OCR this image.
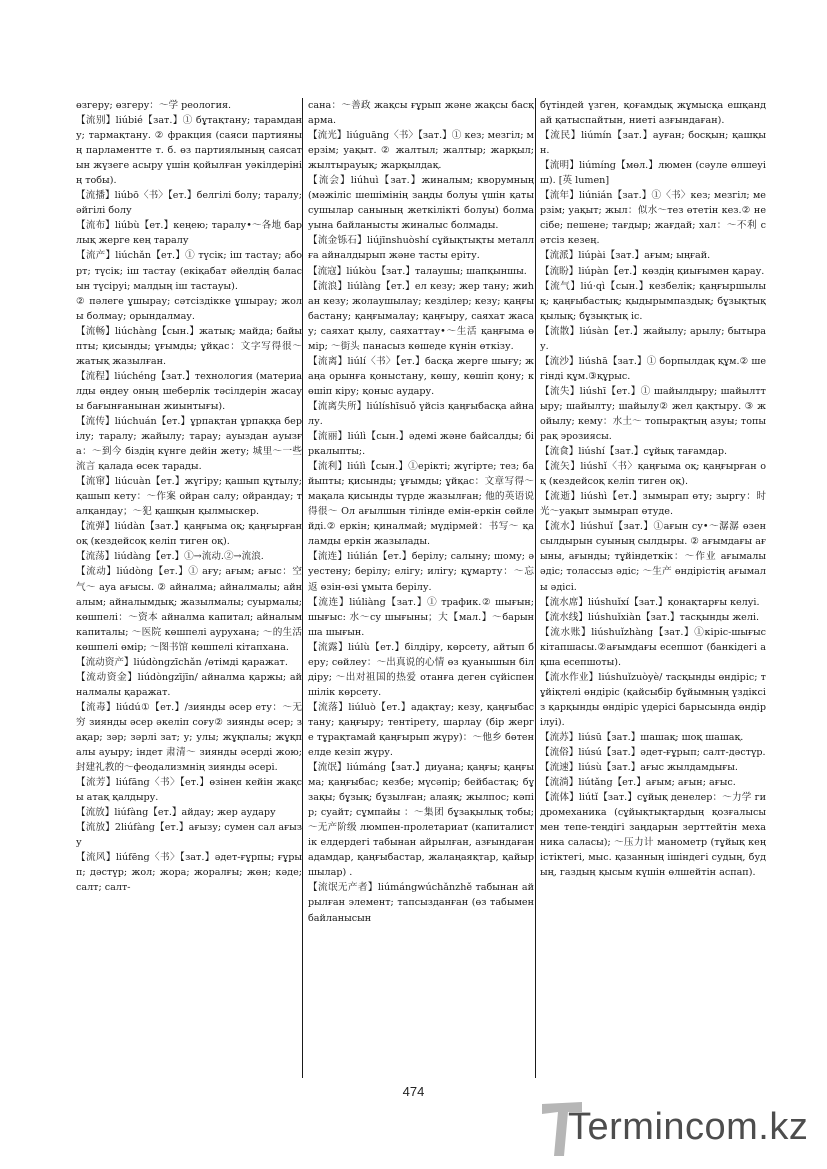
өзгеру; өзгеру：～学 реология.

【流别】liúbié【зат.】① бұтақтану; тарамдану; тармақтану. ② фракция (саяси партияның парламентте т. б. өз партиялының саясатын жүзеге асыру үшін қойылған уәкілдерінің тобы).

【流播】liúbō〈书〉【ет.】белгілі болу; таралу; әйгілі болу

【流布】liúbù【ет.】кеңею; таралу•～各地 барлық жерге кең таралу

【流产】liúchǎn【ет.】① түсік; іш тастау; аборт; түсік; іш тастау (екіқабат әйелдің баласын түсіруі; малдың іш тастауы).

② пәлеге ұшырау; сәтсіздікке ұшырау; жолы болмау; орындалмау.

【流畅】liúchàng【сын.】жатық; майда; байыпты; қисынды; ұғымды; ұйқас：文字写得很～жатық жазылған.

【流程】liúchéng【зат.】технология (материалды өңдеу оның шеберлік тәсілдерін жасауы бағынғанынан жиынтығы).

【流传】liúchuán【ет.】ұрпақтан ұрпаққа берілу; таралу; жайылу; тарау; ауыздан ауызға：～到今 біздің күнге дейін жету; 城里～一些流言 қалада өсек тарады.

【流窜】liúcuàn【ет.】жүгіру; қашып құтылу; қашып кету：～作案 ойран салу; ойрандау; талқандау；～犯 қашқын қылмыскер.

【流弹】liúdàn【зат.】қаңғыма оқ; қаңғырған оқ (кездейсоқ келіп тиген оқ).

【流荡】liúdàng【ет.】①→流动.②→流浪.

【流动】liúdòng【ет.】① ағу; ағым; ағыс：空气～ ауа ағысы. ② айналма; айналмалы; айналым; айналымдық; жазылмалы; суырмалы; көшпелі：～资本 айналма капитал; айналым капиталы; ～医院 көшпелі аурухана; ～的生活 көшпелі өмір; ～图书馆 көшпелі кітапхана.

【流动资产】liúdòngzīchǎn /өтімді қаражат.

【流动资金】liúdòngzījīn/ айналма қаржы; айналмалы қаражат.

【流毒】liúdú①【ет.】/зиянды әсер ету：～无穷 зиянды әсер әкеліп соғу② зиянды әсер; зақар; зәр; зәрлі зат; у; улы; жұқпалы; жұқпалы ауыру; індет 肃清～ зиянды әсерді жою; 封建礼教的～феодализмнің зиянды әсері.

【流芳】liúfāng〈书〉【ет.】өзінен кейін жақсы атақ қалдыру.

【流放】liúfàng【ет.】айдау; жер аудару

【流放】2liúfàng【ет.】ағызу; сумен сал ағызу

【流风】liúfēng〈书〉【зат.】әдет-ғұрпы; ғұрып; дәстүр; жол; жора; жоралғы; жөн; кәде; салт; салт-

сана：～善政 жақсы ғұрып және жақсы басқарма.

【流光】liúguāng〈书〉【зат.】① кез; мезгіл; мерзім; уақыт. ② жалтыл; жалтыр; жарқыл; жылтырауық; жарқылдақ.

【流会】liúhuì【зат.】жиналым; кворумның (мәжіліс шешімінің заңды болуы үшін қатысушылар санының жеткілікті болуы) болмауына байланысты жиналыс болмады.

【流金铄石】liújīnshuòshí сұйықтықты металлға айналдырып және тасты еріту.

【流寇】liúkòu【зат.】талаушы; шапқыншы.

【流浪】liúlàng【ет.】ел кезу; жер тану; жиһан кезу; жолаушылау; кезділер; кезу; қаңғыбастану; қаңғымалау; қаңғыру, саяхат жасау; саяхат қылу, саяхаттау•～生活 қаңғыма өмір; ～街头 панасыз көшеде күнін өткізу.

【流离】liúlí〈书〉【ет.】басқа жерге шығу; жаңа орынға қоныстану, көшу, көшіп қону; көшіп кіру; қоныс аудару.

【流离失所】liúlíshīsuǒ үйсіз қаңғыбасқа айналу.

【流丽】liúlì【сын.】әдемі және байсалды; біркалыпты;.

【流利】liúlì【сын.】①ерікті; жүгірте; тез; байыпты; қисынды; ұғымды; ұйқас：文章写得～ мақала қисынды түрде жазылған; 他的英语说得很～ Ол ағылшын тілінде емін-еркін сөйлейді.② еркін; қиналмай; мүдірмей：书写～ қаламды еркін жазылады.

【流连】liúlián【ет.】берілу; салыну; шому; әуестену; берілу; елігу; илігу; құмарту：～忘返 өзін-өзі ұмыта берілу.

【流连】liúliàng【зат.】① трафик.② шығын; шығыс: 水～су шығыны；大【мал.】～барынша шығын.

【流露】liúlù【ет.】білдіру, көрсету, айтып беру; сөйлеу：～出真说的心情 өз қуанышын білдіру; ～出对祖国的热爱 отанға деген сүйіспеншілік көрсету.

【流落】liúluò【ет.】адақтау; кезу, қаңғыбастану; қаңғыру; тентірету, шарлау (бір жерге тұрақтамай қаңғырып жүру)：～他乡 бөтен елде кезіп жүру.

【流氓】liúmáng【зат.】диуана; қаңғы; қаңғыма; қаңғыбас; кезбе; мүсәпір; бейбастақ; бұзақы; бұзық; бұзылған; алаяқ; жылпос; кәпір; суайт; сұмпайы ：～集团 бұзақылық тобы; ～无产阶级 люмпен-пролетариат (капиталистік елдердегі табынан айрылған, азғындаған адамдар, қаңғыбастар, жалаңаяқтар, қайыршылар) .

【流氓无产者】liúmángwúchǎnzhě табынан айрылған элемент; тапсызданған (өз табымен байланысын

бүтіндей үзген, қоғамдық жұмысқа ешқандай қатыспайтын, ниеті азғындаған).

【流民】liúmín【зат.】ауған; босқын; қашқын.

【流明】liúmíng【мөл.】люмен (сәуле өлшеуіш). [英 lumen]

【流年】liúnián【зат.】①〈书〉кез; мезгіл; мерзім; уақыт; жыл：似水～тез өтетін кез.② несібе; пешене; тағдыр; жағдай; хал：～不利 сәтсіз кезең.

【流派】liúpài【зат.】ағым; ыңғай.

【流盼】liúpàn【ет.】көздің қиығымен қарау.

【流气】liú·qì【сын.】кезбелік; қаңғыршылық; қаңғыбастық; қыдырымпаздық; бұзықтық қылық; бұзықтық іс.

【流散】liúsàn【ет.】жайылу; арылу; бытырау.

【流沙】liúshā【зат.】① борпылдақ құм.② шегінді құм.③құрыс.

【流失】liúshī【ет.】① шайылдыру; шайылттыру; шайылту; шайылу② жел қақтыру. ③ жойылу; кему：水土～ топырақтың азуы; топырақ эрозиясы.

【流食】liúshí【зат.】сұйық тағамдар.

【流矢】liúshǐ〈书〉қаңғыма оқ; қаңғырған оқ (кездейсоқ келіп тиген оқ).

【流逝】liúshì【ет.】зымырап өту; зыргу：时光～уақыт зымырап өтуде.

【流水】liúshuǐ【зат.】①ағын су•～潺潺 өзен сылдырын суының сылдыры. ② ағымдағы ағыны, ағынды; тұйіндеткік：～作业 ағымалы әдіс; толассыз әдіс; ～生产 өндірістің ағымалы әдісі.

【流水席】liúshuǐxí【зат.】қонақтарғы келуі.

【流水线】liúshuǐxiàn【зат.】тасқынды желі.

【流水账】liúshuǐzhàng【зат.】①кіріс-шығыс кітапшасы.②ағымдағы есепшот (банкідегі ақша есепшоты).

【流水作业】liúshuǐzuòyè/ тасқынды өндіріс; тұйіқтелі өндіріс (қайсыбір бұйымның үздіксіз қарқынды өндіріс үдерісі барысында өндірілуі).

【流苏】liúsū【зат.】шашақ; шоқ шашақ.

【流俗】liúsú【зат.】әдет-ғұрып; салт-дәстүр.

【流速】liúsù【зат.】ағыс жылдамдығы.

【流淌】liútǎng【ет.】ағым; ағын; ағыс.

【流体】liútǐ【зат.】сұйық денелер：～力学 гидромеханика (сұйықтықтардың қозғалысы мен тепе-теңдігі заңдарын зерттейтін механика саласы); ～压力计 манометр (тұйық кеңістіктегі, мыс. қазанның ішіндегі судың, будың, газдың қысым күшін өлшейтін аспап).

474
Termincom.kz
